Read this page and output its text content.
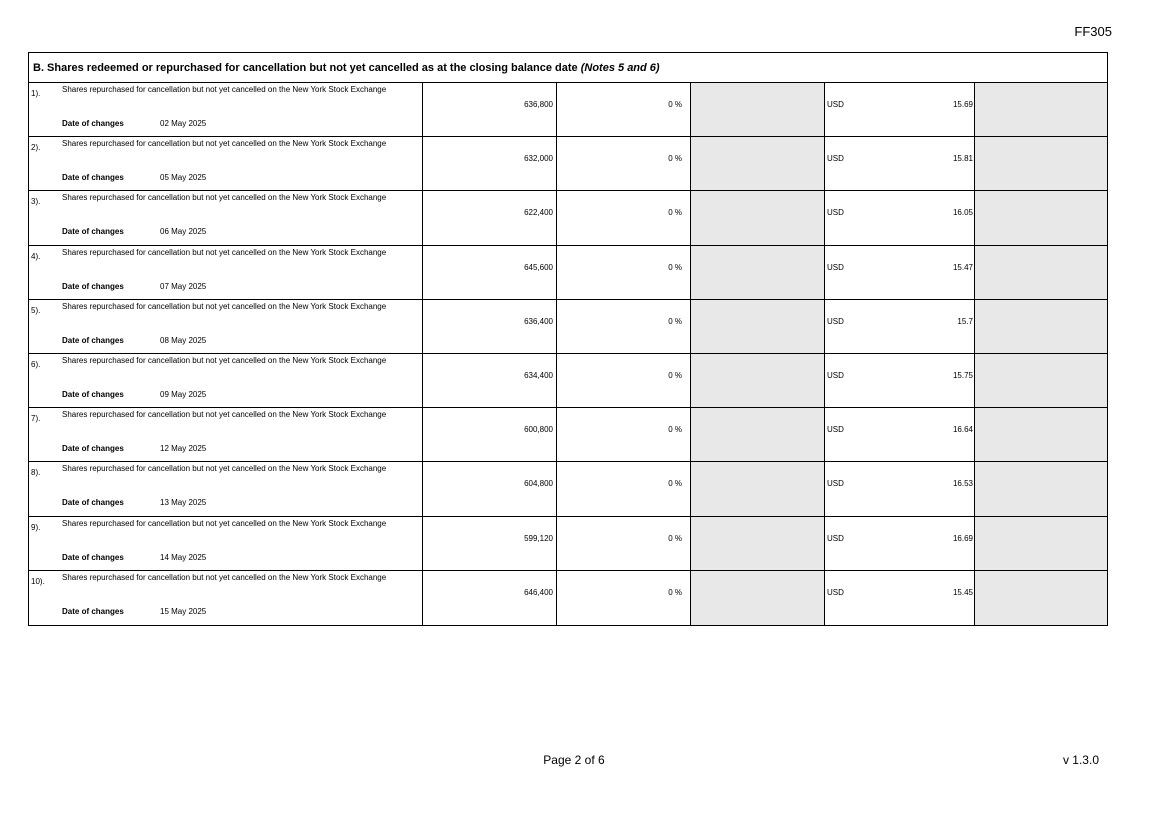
FF305
B. Shares redeemed or repurchased for cancellation but not yet cancelled as at the closing balance date (Notes 5 and 6)
1).	Shares repurchased for cancellation but not yet cancelled on the New York Stock Exchange
Date of changes	02 May 2025
636,800	0 %	USD	15.69
2).	Shares repurchased for cancellation but not yet cancelled on the New York Stock Exchange
Date of changes	05 May 2025
632,000	0 %	USD	15.81
3).	Shares repurchased for cancellation but not yet cancelled on the New York Stock Exchange
Date of changes	06 May 2025
622,400	0 %	USD	16.05
4).	Shares repurchased for cancellation but not yet cancelled on the New York Stock Exchange
Date of changes	07 May 2025
645,600	0 %	USD	15.47
5).	Shares repurchased for cancellation but not yet cancelled on the New York Stock Exchange
Date of changes	08 May 2025
636,400	0 %	USD	15.7
6).	Shares repurchased for cancellation but not yet cancelled on the New York Stock Exchange
Date of changes	09 May 2025
634,400	0 %	USD	15.75
7).	Shares repurchased for cancellation but not yet cancelled on the New York Stock Exchange
Date of changes	12 May 2025
600,800	0 %	USD	16.64
8).	Shares repurchased for cancellation but not yet cancelled on the New York Stock Exchange
Date of changes	13 May 2025
604,800	0 %	USD	16.53
9).	Shares repurchased for cancellation but not yet cancelled on the New York Stock Exchange
Date of changes	14 May 2025
599,120	0 %	USD	16.69
10). Shares repurchased for cancellation but not yet cancelled on the New York Stock Exchange
Date of changes	15 May 2025
646,400	0 %	USD	15.45
Page 2 of 6	v 1.3.0
